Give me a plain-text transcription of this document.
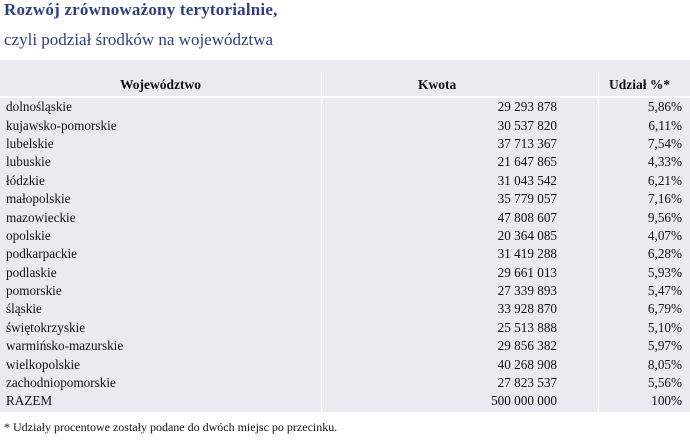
Rozwój zrównoważony terytorialnie,
czyli podział środków na województwa
Województwo	Kwota	Udział %*
dolnośląskie	29 293 878	5,86%
kujawsko-pomorskie	30 537 820	6,11%
lubelskie	37 713 367	7,54%
lubuskie	21 647 865	4,33%
łódzkie	31 043 542	6,21%
małopolskie	35 779 057	7,16%
mazowieckie	47 808 607	9,56%
opolskie	20 364 085	4,07%
podkarpackie	31 419 288	6,28%
podlaskie	29 661 013	5,93%
pomorskie	27 339 893	5,47%
śląskie	33 928 870	6,79%
świętokrzyskie	25 513 888	5,10%
warmińsko-mazurskie	29 856 382	5,97%
wielkopolskie	40 268 908	8,05%
zachodniopomorskie	27 823 537	5,56%
RAZEM	500 000 000	100%
* Udziały procentowe zostały podane do dwóch miejsc po przecinku.
